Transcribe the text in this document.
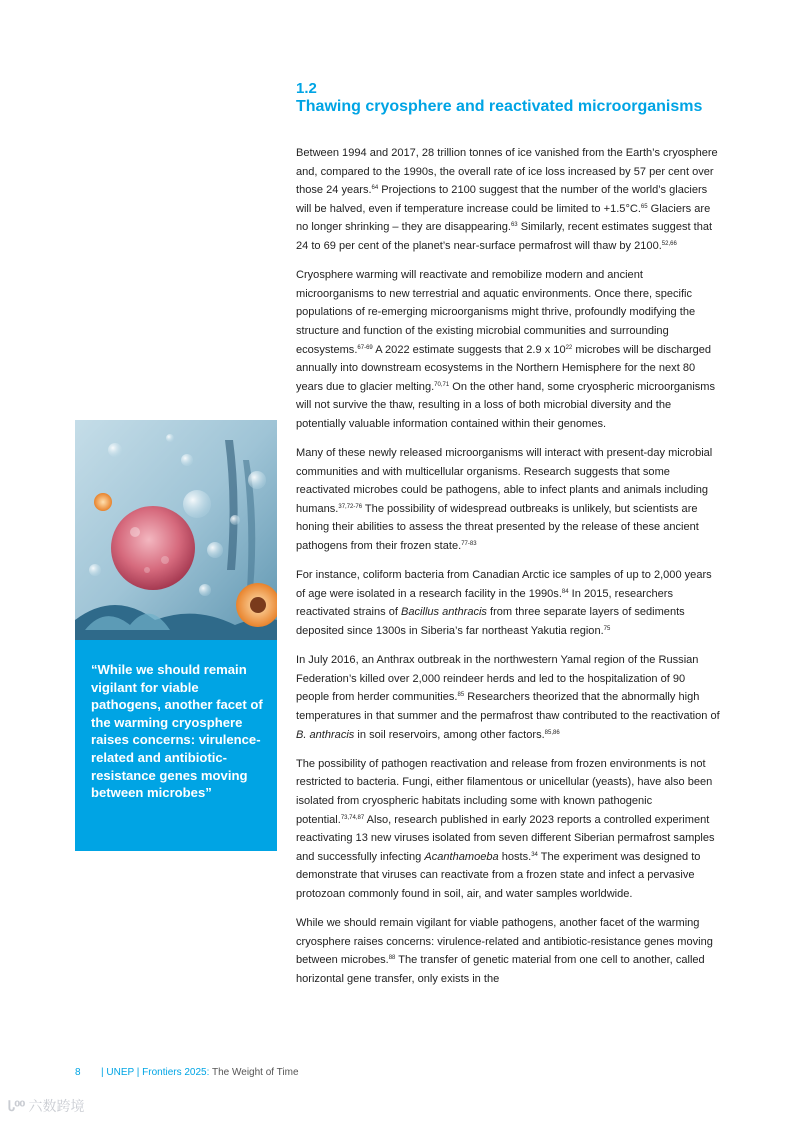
1.2
Thawing cryosphere and reactivated microorganisms

Between 1994 and 2017, 28 trillion tonnes of ice vanished from the Earth’s cryosphere and, compared to the 1990s, the overall rate of ice loss increased by 57 per cent over those 24 years.$^{64}$ Projections to 2100 suggest that the number of the world’s glaciers will be halved, even if temperature increase could be limited to +1.5°C.$^{65}$ Glaciers are no longer shrinking – they are disappearing.$^{63}$ Similarly, recent estimates suggest that 24 to 69 per cent of the planet’s near-surface permafrost will thaw by 2100.$^{52,66}$

Cryosphere warming will reactivate and remobilize modern and ancient microorganisms to new terrestrial and aquatic environments. Once there, specific populations of re-emerging microorganisms might thrive, profoundly modifying the structure and function of the existing microbial communities and surrounding ecosystems.$^{67-69}$ A 2022 estimate suggests that 2.9 x $10^{22}$ microbes will be discharged annually into downstream ecosystems in the Northern Hemisphere for the next 80 years due to glacier melting.$^{70,71}$ On the other hand, some cryospheric microorganisms will not survive the thaw, resulting in a loss of both microbial diversity and the potentially valuable information contained within their genomes.

Many of these newly released microorganisms will interact with present-day microbial communities and with multicellular organisms. Research suggests that some reactivated microbes could be pathogens, able to infect plants and animals including humans.$^{37,72-76}$ The possibility of widespread outbreaks is unlikely, but scientists are honing their abilities to assess the threat presented by the release of these ancient pathogens from their frozen state.$^{77-83}$

For instance, coliform bacteria from Canadian Arctic ice samples of up to 2,000 years of age were isolated in a research facility in the 1990s.$^{84}$ In 2015, researchers reactivated strains of Bacillus anthracis from three separate layers of sediments deposited since 1300s in Siberia’s far northeast Yakutia region.$^{75}$

In July 2016, an Anthrax outbreak in the northwestern Yamal region of the Russian Federation’s killed over 2,000 reindeer herds and led to the hospitalization of 90 people from herder communities.$^{85}$ Researchers theorized that the abnormally high temperatures in that summer and the permafrost thaw contributed to the reactivation of B. anthracis in soil reservoirs, among other factors.$^{85,86}$

The possibility of pathogen reactivation and release from frozen environments is not restricted to bacteria. Fungi, either filamentous or unicellular (yeasts), have also been isolated from cryospheric habitats including some with known pathogenic potential.$^{73,74,87}$ Also, research published in early 2023 reports a controlled experiment reactivating 13 new viruses isolated from seven different Siberian permafrost samples and successfully infecting Acanthamoeba hosts.$^{34}$ The experiment was designed to demonstrate that viruses can reactivate from a frozen state and infect a pervasive protozoan commonly found in soil, air, and water samples worldwide.

While we should remain vigilant for viable pathogens, another facet of the warming cryosphere raises concerns: virulence-related and antibiotic-resistance genes moving between microbes.$^{88}$ The transfer of genetic material from one cell to another, called horizontal gene transfer, only exists in the

“While we should remain vigilant for viable pathogens, another facet of the warming cryosphere raises concerns: virulence-related and antibiotic-resistance genes moving between microbes”

8 | UNEP | Frontiers 2025: The Weight of Time
Ꮣ⁰⁰ 六数跨境
